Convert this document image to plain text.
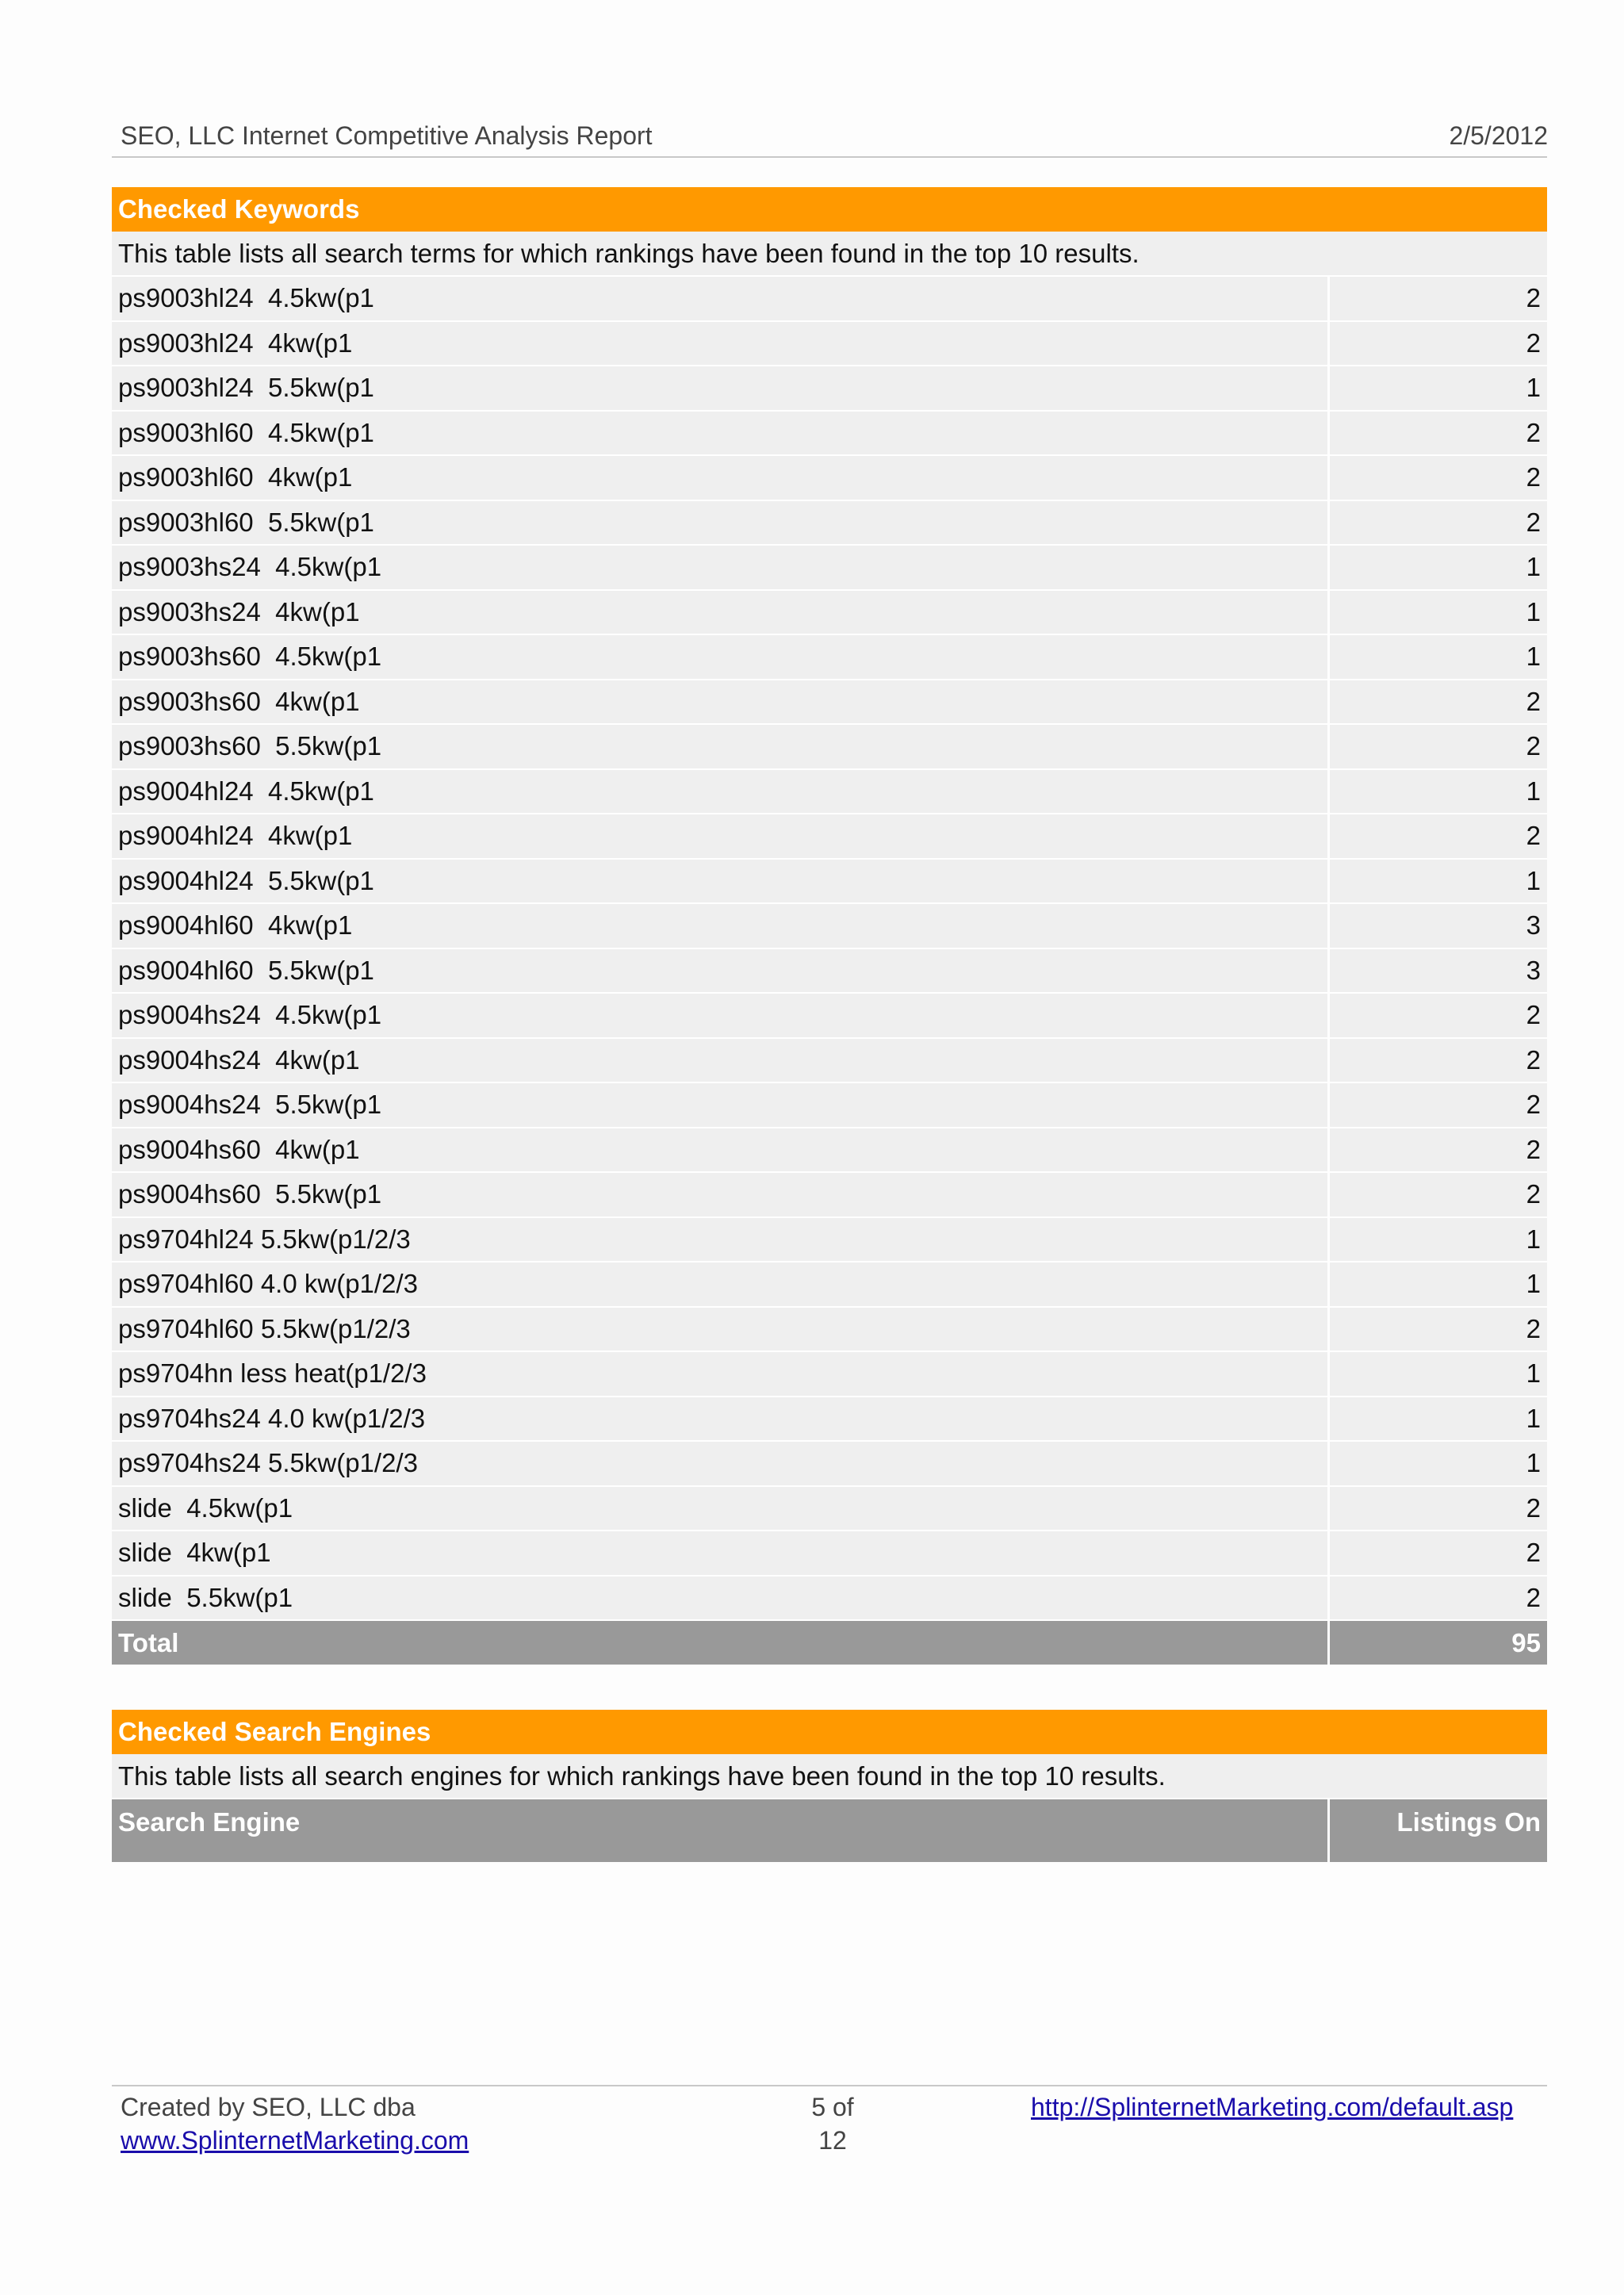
SEO, LLC Internet Competitive Analysis Report	2/5/2012
Checked Keywords	
This table lists all search terms for which rankings have been found in the top 10 results.	
ps9003hl24  4.5kw(p1	2
ps9003hl24  4kw(p1	2
ps9003hl24  5.5kw(p1	1
ps9003hl60  4.5kw(p1	2
ps9003hl60  4kw(p1	2
ps9003hl60  5.5kw(p1	2
ps9003hs24  4.5kw(p1	1
ps9003hs24  4kw(p1	1
ps9003hs60  4.5kw(p1	1
ps9003hs60  4kw(p1	2
ps9003hs60  5.5kw(p1	2
ps9004hl24  4.5kw(p1	1
ps9004hl24  4kw(p1	2
ps9004hl24  5.5kw(p1	1
ps9004hl60  4kw(p1	3
ps9004hl60  5.5kw(p1	3
ps9004hs24  4.5kw(p1	2
ps9004hs24  4kw(p1	2
ps9004hs24  5.5kw(p1	2
ps9004hs60  4kw(p1	2
ps9004hs60  5.5kw(p1	2
ps9704hl24 5.5kw(p1/2/3	1
ps9704hl60 4.0 kw(p1/2/3	1
ps9704hl60 5.5kw(p1/2/3	2
ps9704hn less heat(p1/2/3	1
ps9704hs24 4.0 kw(p1/2/3	1
ps9704hs24 5.5kw(p1/2/3	1
slide  4.5kw(p1	2
slide  4kw(p1	2
slide  5.5kw(p1	2
Total	95
Checked Search Engines
This table lists all search engines for which rankings have been found in the top 10 results.
Search Engine	Listings On
Created by SEO, LLC dba
www.SplinternetMarketing.com
5 of
12
http://SplinternetMarketing.com/default.asp
